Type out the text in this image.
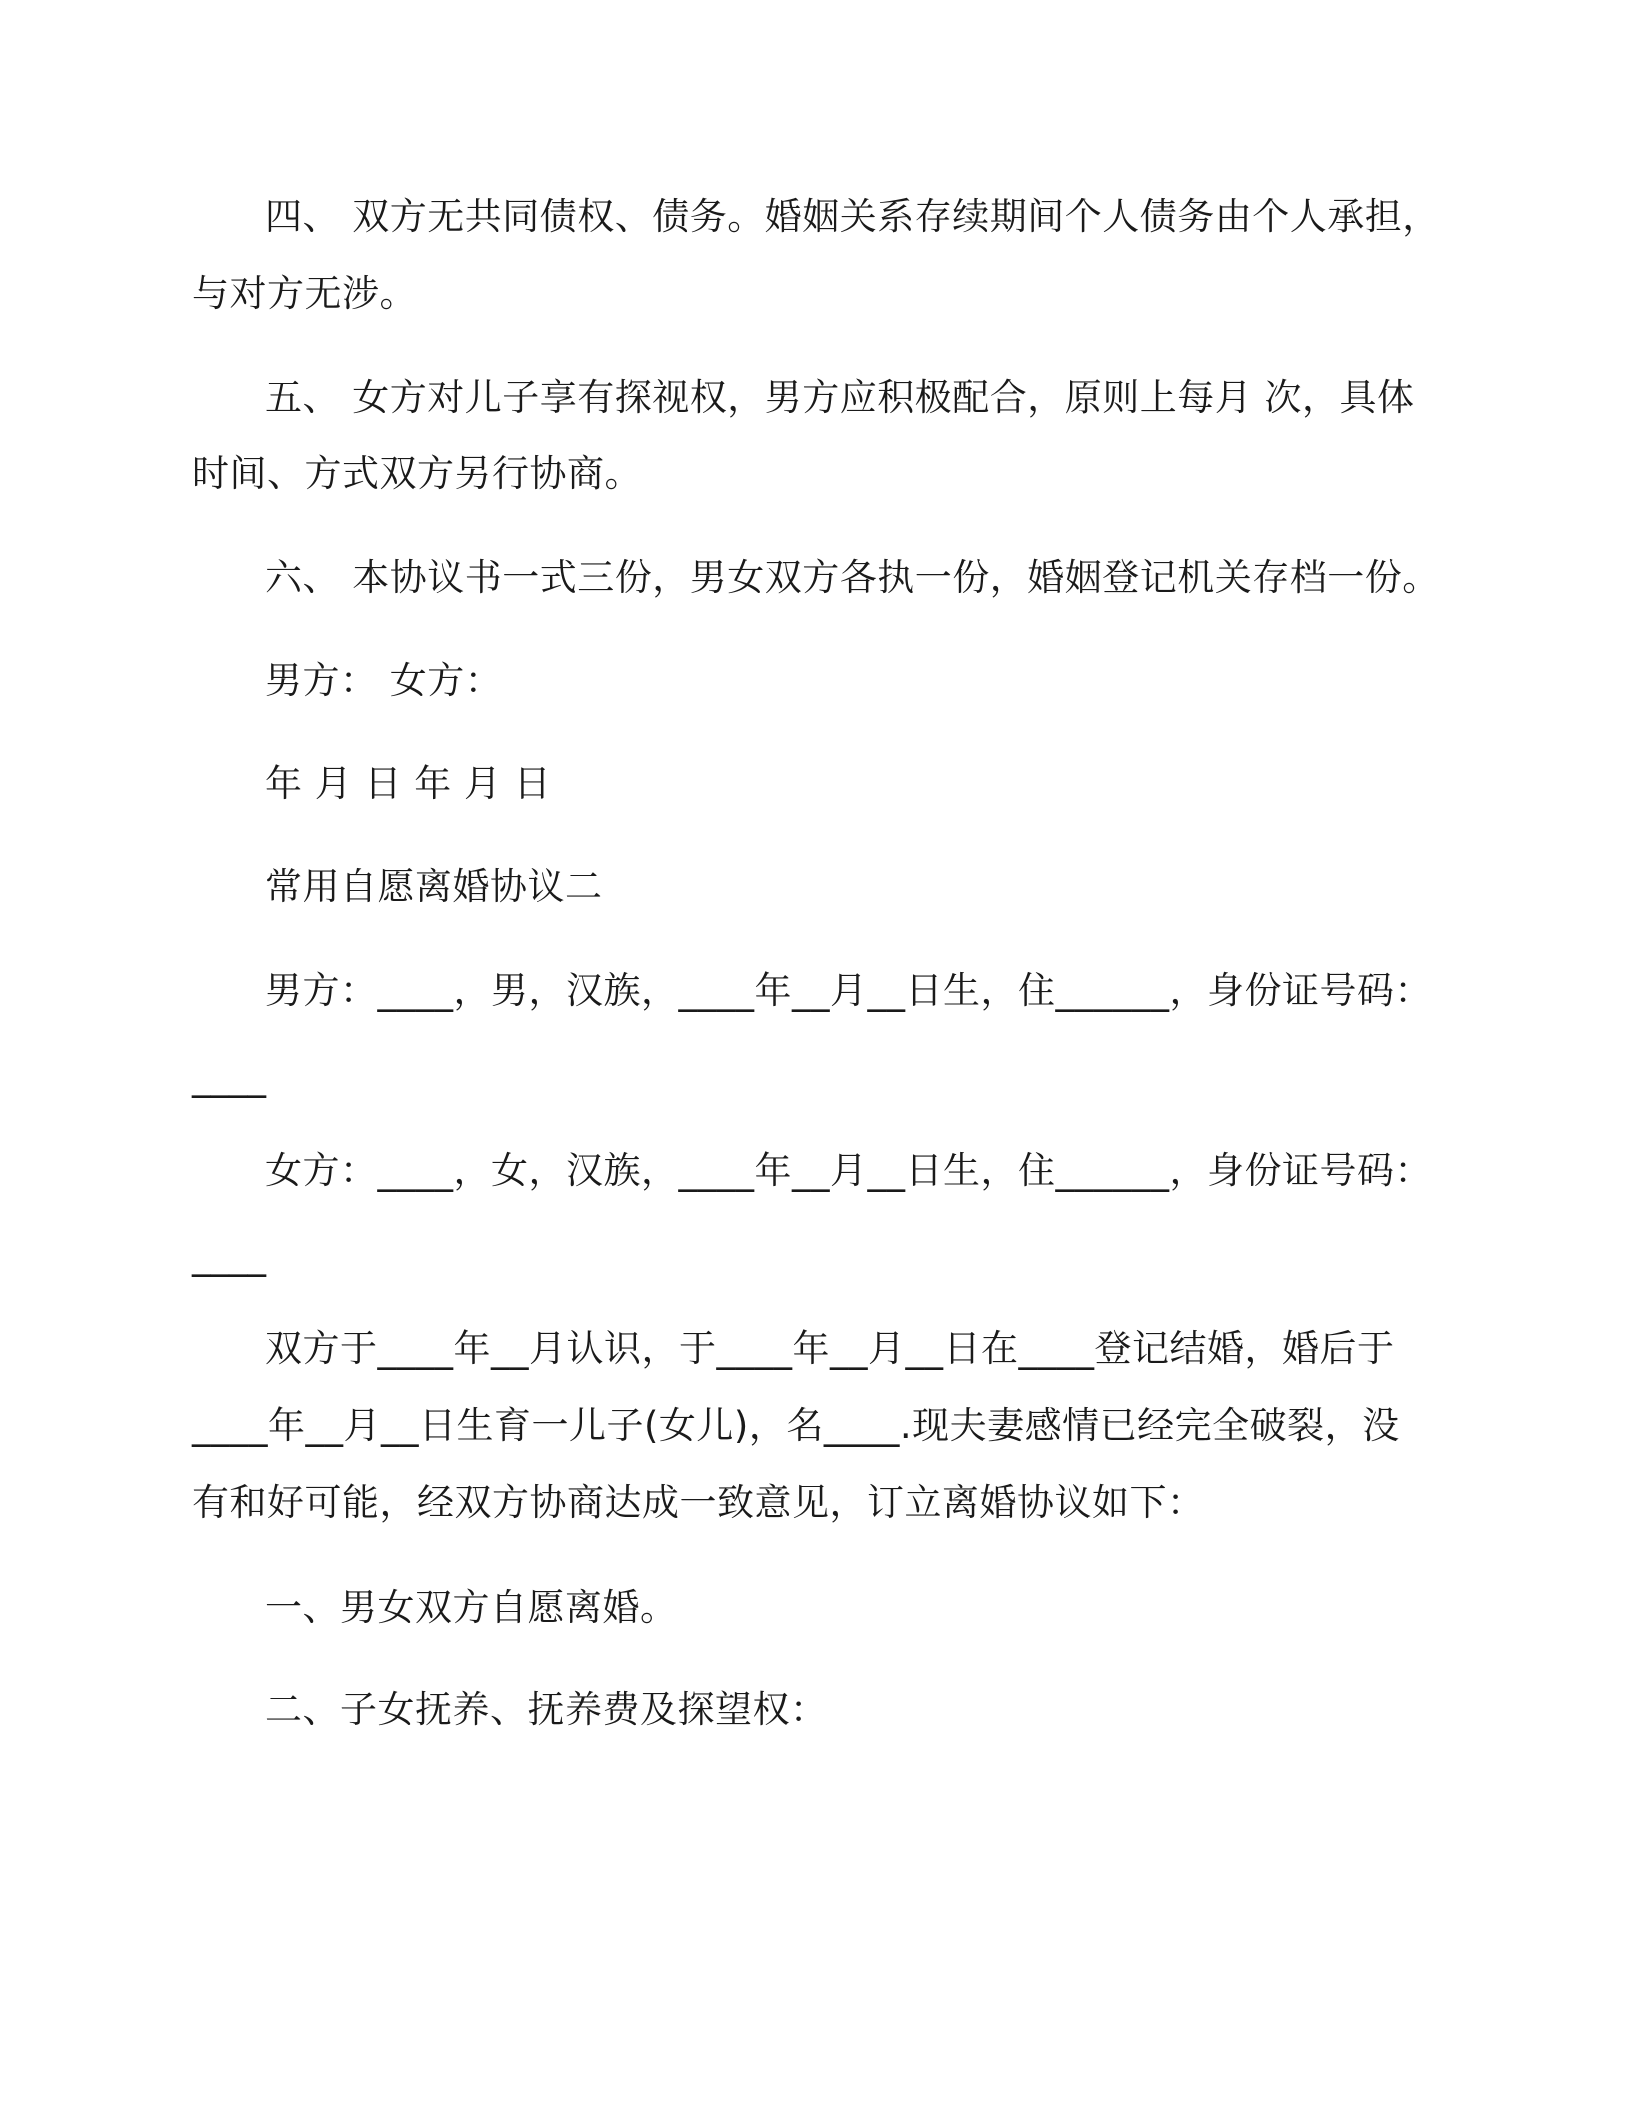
四、 双方无共同债权、债务。婚姻关系存续期间个人债务由个人承担，
与对方无涉。
五、 女方对儿子享有探视权，男方应积极配合，原则上每月 次，具体
时间、方式双方另行协商。
六、 本协议书一式三份，男女双方各执一份，婚姻登记机关存档一份。
男方： 女方：
年 月 日 年 月 日
常用自愿离婚协议二
男方：____，男，汉族，____年__月__日生，住______，身份证号码：
____
女方：____，女，汉族，____年__月__日生，住______，身份证号码：
____
双方于____年__月认识，于____年__月__日在____登记结婚，婚后于
____年__月__日生育一儿子(女儿)，名____.现夫妻感情已经完全破裂，没
有和好可能，经双方协商达成一致意见，订立离婚协议如下：
一、男女双方自愿离婚。
二、子女抚养、抚养费及探望权：
